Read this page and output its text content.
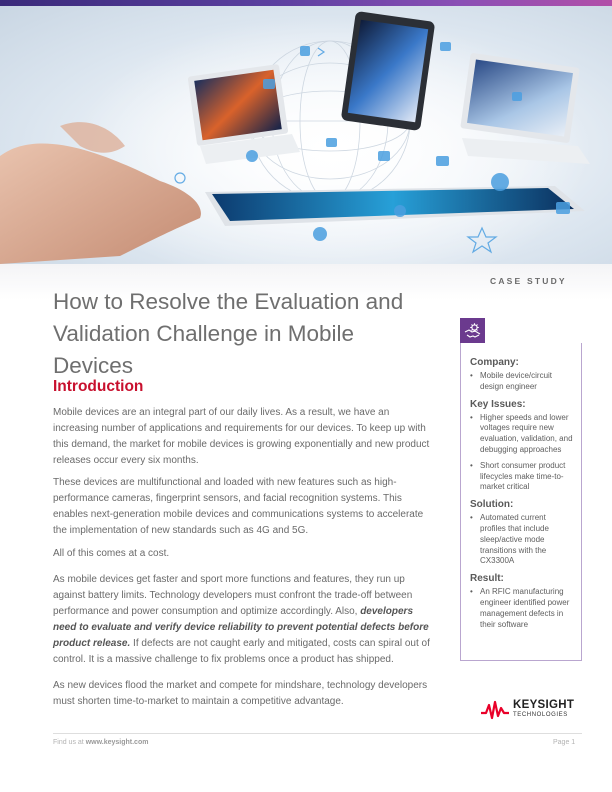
CASE STUDY
How to Resolve the Evaluation and Validation Challenge in Mobile Devices
Introduction

Mobile devices are an integral part of our daily lives. As a result, we have an increasing number of applications and requirements for our devices. To keep up with this demand, the market for mobile devices is growing exponentially and new product releases occur every six months.

These devices are multifunctional and loaded with new features such as high-performance cameras, fingerprint sensors, and facial recognition systems. This enables next-generation mobile devices and communications systems to accelerate the implementation of new standards such as 4G and 5G.

All of this comes at a cost.

As mobile devices get faster and sport more functions and features, they run up against battery limits. Technology developers must confront the trade-off between performance and power consumption and optimize accordingly. Also, developers need to evaluate and verify device reliability to prevent potential defects before product release. If defects are not caught early and mitigated, costs can spiral out of control. It is a massive challenge to fix problems once a product has shipped.

As new devices flood the market and compete for mindshare, technology developers must shorten time-to-market to maintain a competitive advantage.

Company:
• Mobile device/circuit design engineer
Key Issues:
• Higher speeds and lower voltages require new evaluation, validation, and debugging approaches
• Short consumer product lifecycles make time-to-market critical
Solution:
• Automated current profiles that include sleep/active mode transitions with the CX3300A
Result:
• An RFIC manufacturing engineer identified power management defects in their software
KEYSIGHT
TECHNOLOGIES
Find us at www.keysight.com	Page 1
